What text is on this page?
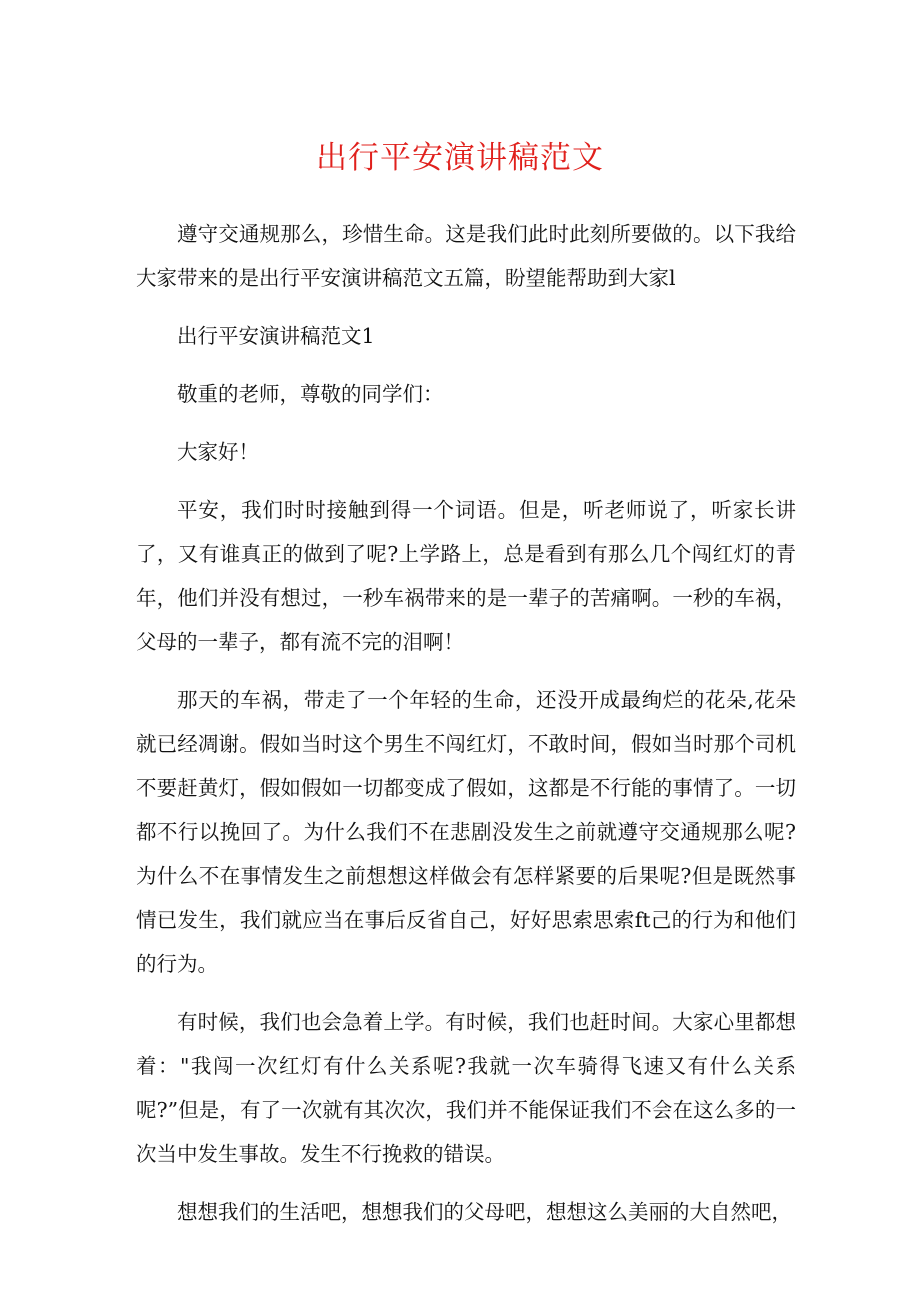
出行平安演讲稿范文

遵守交通规那么，珍惜生命。这是我们此时此刻所要做的。以下我给大家带来的是出行平安演讲稿范文五篇，盼望能帮助到大家l

出行平安演讲稿范文1

敬重的老师，尊敬的同学们：

大家好！

平安，我们时时接触到得一个词语。但是，听老师说了，听家长讲了，又有谁真正的做到了呢?上学路上，总是看到有那么几个闯红灯的青年，他们并没有想过，一秒车祸带来的是一辈子的苦痛啊。一秒的车祸，父母的一辈子，都有流不完的泪啊！

那天的车祸，带走了一个年轻的生命，还没开成最绚烂的花朵,花朵就已经凋谢。假如当时这个男生不闯红灯，不敢时间，假如当时那个司机不要赶黄灯，假如假如一切都变成了假如，这都是不行能的事情了。一切都不行以挽回了。为什么我们不在悲剧没发生之前就遵守交通规那么呢?为什么不在事情发生之前想想这样做会有怎样紧要的后果呢?但是既然事情已发生，我们就应当在事后反省自己，好好思索思索ft己的行为和他们的行为。

有时候，我们也会急着上学。有时候，我们也赶时间。大家心里都想着："我闯一次红灯有什么关系呢?我就一次车骑得飞速又有什么关系呢?”但是，有了一次就有其次次，我们并不能保证我们不会在这么多的一次当中发生事故。发生不行挽救的错误。

想想我们的生活吧，想想我们的父母吧，想想这么美丽的大自然吧，
